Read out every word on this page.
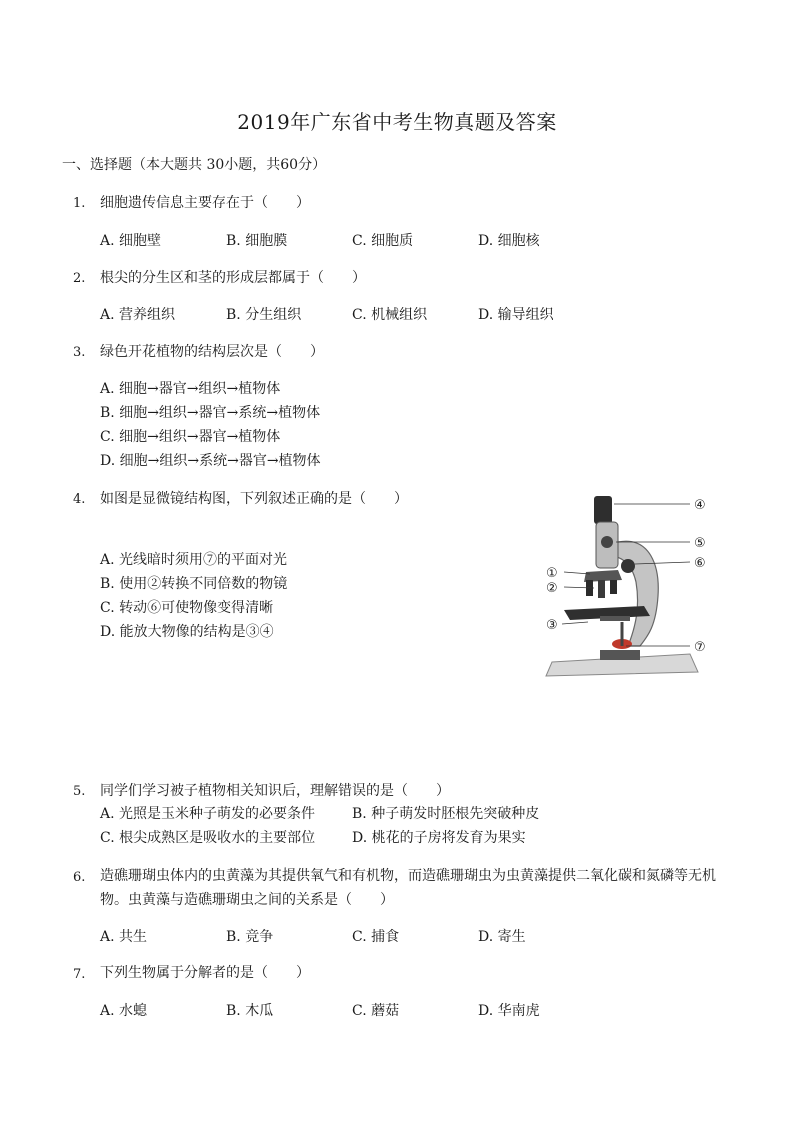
2019年广东省中考生物真题及答案
一、选择题（本大题共 30小题，共60分）
1. 细胞遗传信息主要存在于（　　）
A. 细胞壁	B. 细胞膜	C. 细胞质	D. 细胞核
2. 根尖的分生区和茎的形成层都属于（　　）
A. 营养组织	B. 分生组织	C. 机械组织	D. 输导组织
3. 绿色开花植物的结构层次是（　　）
A. 细胞→器官→组织→植物体
B. 细胞→组织→器官→系统→植物体
C. 细胞→组织→器官→植物体
D. 细胞→组织→系统→器官→植物体
4. 如图是显微镜结构图，下列叙述正确的是（　　）
A. 光线暗时须用⑦的平面对光
B. 使用②转换不同倍数的物镜
C. 转动⑥可使物像变得清晰
D. 能放大物像的结构是③④
④
⑤
⑥
①
②
③
⑦
5. 同学们学习被子植物相关知识后，理解错误的是（　　）
A. 光照是玉米种子萌发的必要条件	B. 种子萌发时胚根先突破种皮
C. 根尖成熟区是吸收水的主要部位	D. 桃花的子房将发育为果实
6. 造礁珊瑚虫体内的虫黄藻为其提供氧气和有机物，而造礁珊瑚虫为虫黄藻提供二氧化碳和氮磷等无机
物。虫黄藻与造礁珊瑚虫之间的关系是（　　）
A. 共生	B. 竞争	C. 捕食	D. 寄生
7. 下列生物属于分解者的是（　　）
A. 水螅	B. 木瓜	C. 蘑菇	D. 华南虎
